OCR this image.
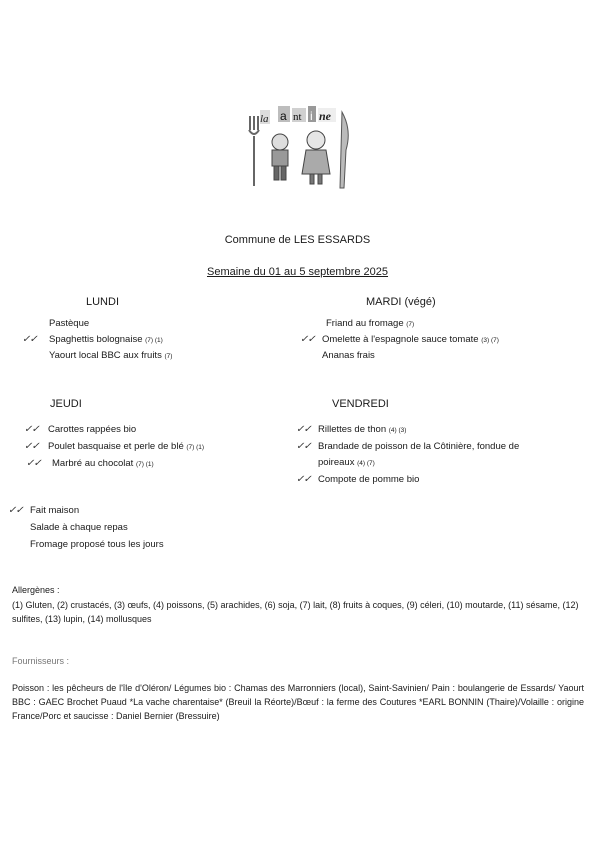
la a nt i ne
Commune de LES ESSARDS
Semaine du 01 au 5 septembre 2025
LUNDI
Pastèque
✓✓ Spaghettis bolognaise (7) (1)
Yaourt local BBC aux fruits (7)
MARDI (végé)
Friand au fromage (7)
✓✓ Omelette à l'espagnole sauce tomate (3) (7)
Ananas frais
JEUDI
✓✓ Carottes rappées bio
✓✓ Poulet basquaise et perle de blé (7) (1)
✓✓ Marbré au chocolat (7) (1)
VENDREDI
✓✓ Rillettes de thon (4) (3)
✓✓ Brandade de poisson de la Côtinière, fondue de
poireaux (4) (7)
✓✓ Compote de pomme bio
✓✓ Fait maison
Salade à chaque repas
Fromage proposé tous les jours
Allergènes :
(1) Gluten, (2) crustacés, (3) œufs, (4) poissons, (5) arachides, (6) soja, (7) lait, (8) fruits à coques, (9) céleri, (10) moutarde, (11) sésame, (12) sulfites, (13) lupin, (14) mollusques
Fournisseurs :
Poisson : les pêcheurs de l'île d'Oléron/ Légumes bio : Chamas des Marronniers (local), Saint-Savinien/ Pain : boulangerie de Essards/ Yaourt BBC : GAEC Brochet Puaud *La vache charentaise* (Breuil la Réorte)/Bœuf : la ferme des Coutures *EARL BONNIN (Thaire)/Volaille : origine France/Porc et saucisse : Daniel Bernier (Bressuire)
